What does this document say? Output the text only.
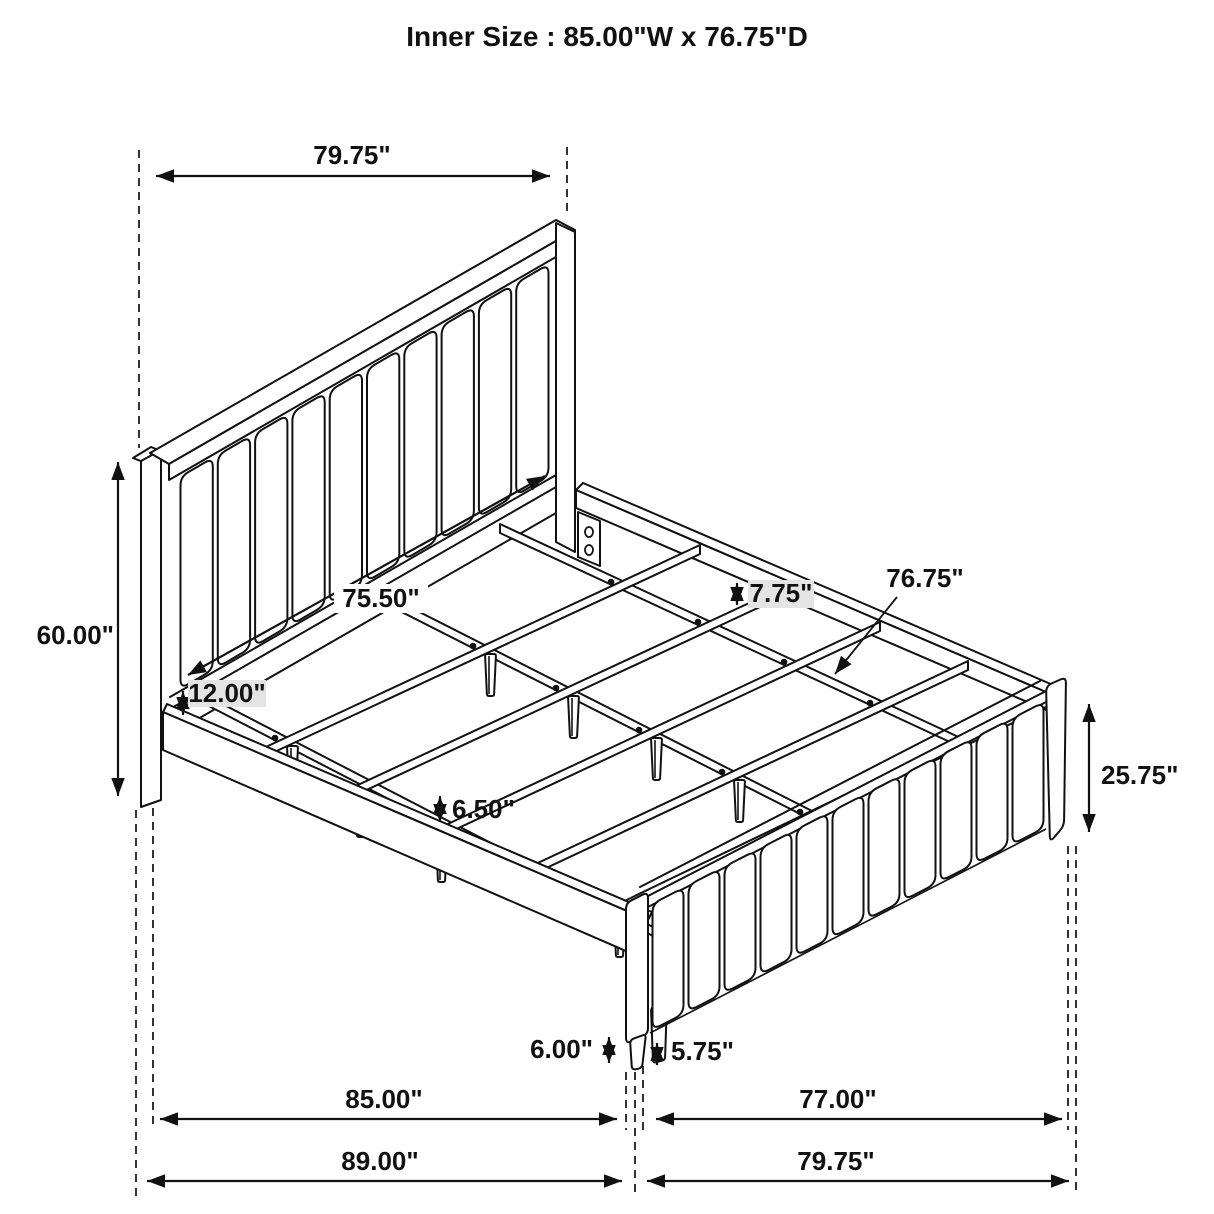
Inner Size : 85.00"W x 76.75"D
79.75"
60.00"
12.00"
75.50"	7.75"	76.75"
25.75"
6.50"
6.00"	5.75"
85.00"	77.00"
89.00"	79.75"
